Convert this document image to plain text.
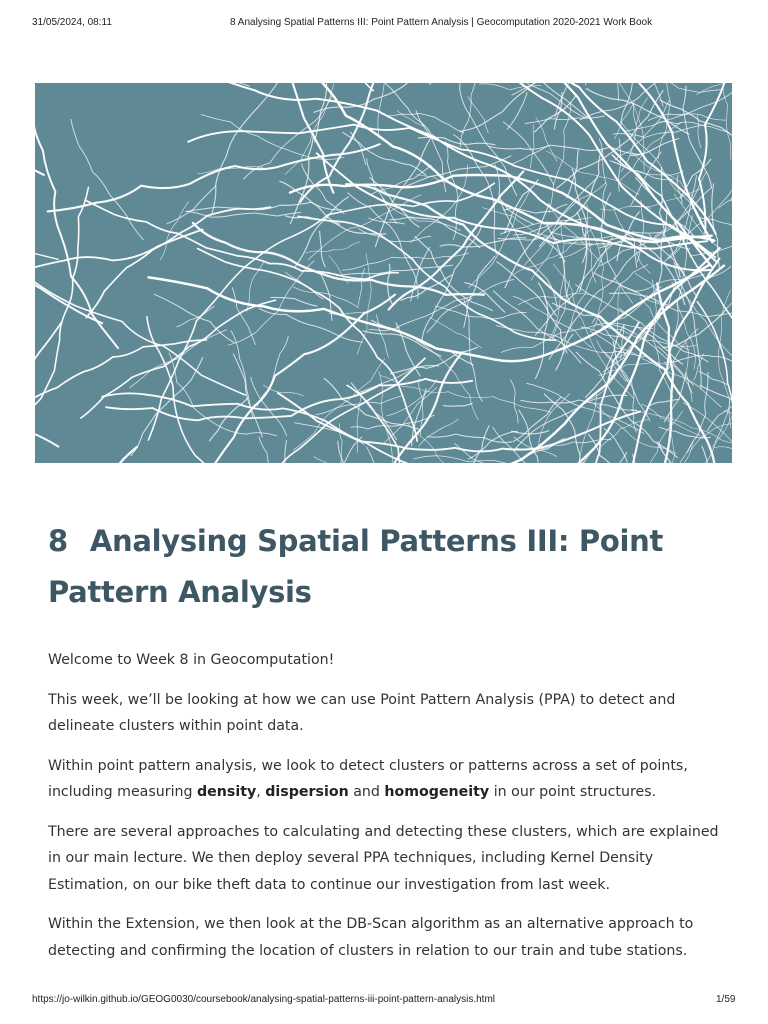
31/05/2024, 08:11	8 Analysing Spatial Patterns III: Point Pattern Analysis | Geocomputation 2020-2021 Work Book
8 Analysing Spatial Patterns III: Point Pattern Analysis

Welcome to Week 8 in Geocomputation!

This week, we’ll be looking at how we can use Point Pattern Analysis (PPA) to detect and delineate clusters within point data.

Within point pattern analysis, we look to detect clusters or patterns across a set of points, including measuring density, dispersion and homogeneity in our point structures.

There are several approaches to calculating and detecting these clusters, which are explained in our main lecture. We then deploy several PPA techniques, including Kernel Density Estimation, on our bike theft data to continue our investigation from last week.

Within the Extension, we then look at the DB-Scan algorithm as an alternative approach to detecting and confirming the location of clusters in relation to our train and tube stations.

https://jo-wilkin.github.io/GEOG0030/coursebook/analysing-spatial-patterns-iii-point-pattern-analysis.html	1/59
